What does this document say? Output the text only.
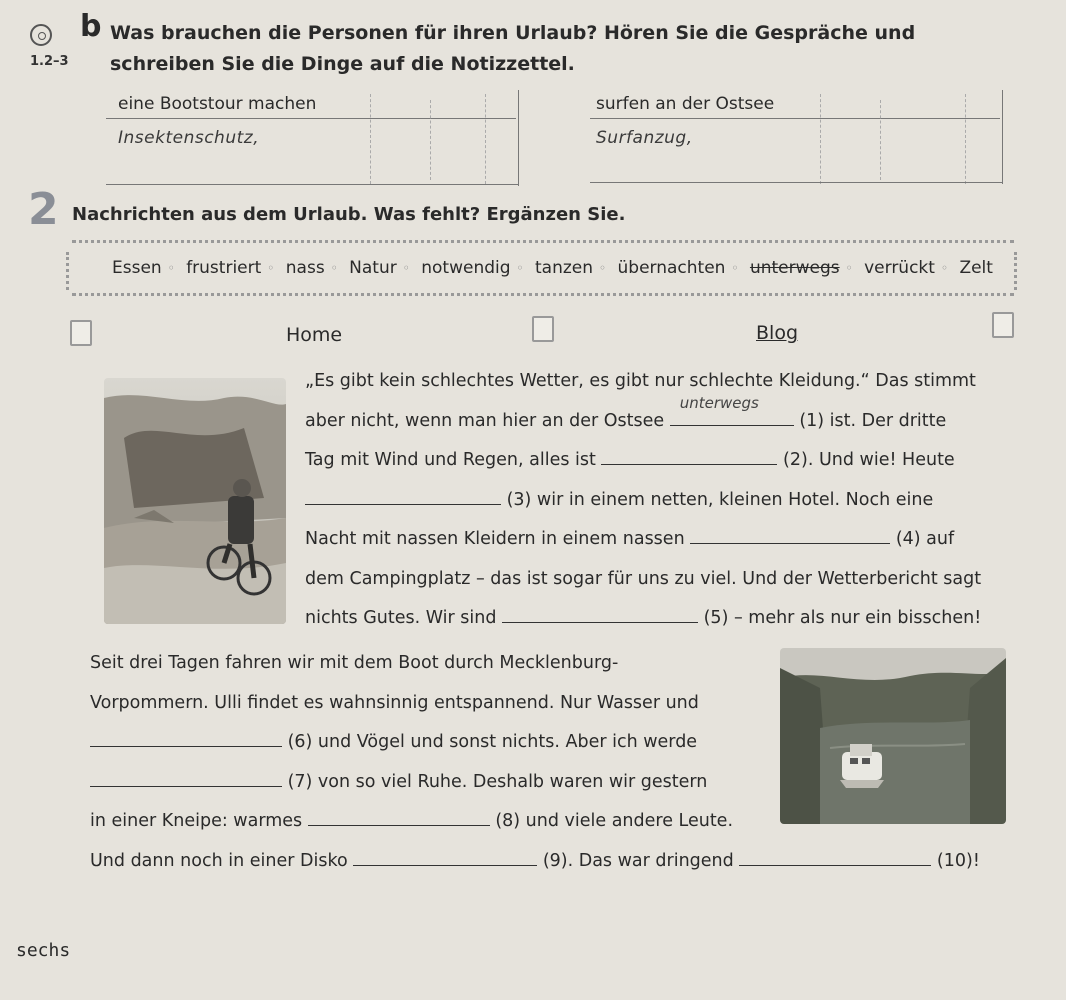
1.2–3
b Was brauchen die Personen für ihren Urlaub? Hören Sie die Gespräche und schreiben Sie die Dinge auf die Notizzettel.
eine Bootstour machen
Insektenschutz,
surfen an der Ostsee
Surfanzug,
2 Nachrichten aus dem Urlaub. Was fehlt? Ergänzen Sie.
Essen ◦ frustriert ◦ nass ◦ Natur ◦ notwendig ◦ tanzen ◦ übernachten ◦ unterwegs ◦ verrückt ◦ Zelt
Home	Blog
„Es gibt kein schlechtes Wetter, es gibt nur schlechte Kleidung.“ Das stimmt
aber nicht, wenn man hier an der Ostsee
unterwegs
(1) ist. Der dritte
Tag mit Wind und Regen, alles ist	(2). Und wie! Heute
(3) wir in einem netten, kleinen Hotel. Noch eine
Nacht mit nassen Kleidern in einem nassen	(4) auf
dem Campingplatz – das ist sogar für uns zu viel. Und der Wetterbericht sagt
nichts Gutes. Wir sind	(5) – mehr als nur ein bisschen!
Seit drei Tagen fahren wir mit dem Boot durch Mecklenburg-
Vorpommern. Ulli findet es wahnsinnig entspannend. Nur Wasser und
(6) und Vögel und sonst nichts. Aber ich werde
(7) von so viel Ruhe. Deshalb waren wir gestern
in einer Kneipe: warmes	(8) und viele andere Leute.
Und dann noch in einer Disko	(9). Das war dringend	(10)!
sechs
